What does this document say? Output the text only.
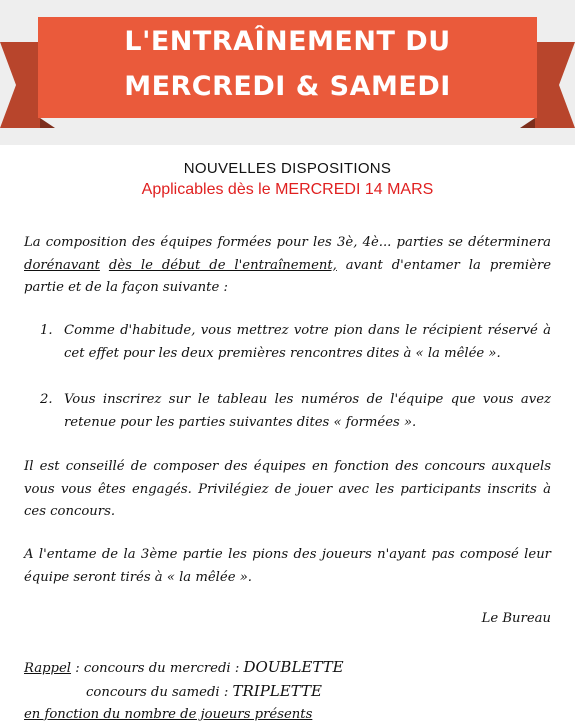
L'ENTRAÎNEMENT DU
MERCREDI & SAMEDI
NOUVELLES DISPOSITIONS
Applicables dès le MERCREDI 14 MARS

La composition des équipes formées pour les 3è, 4è... parties se déterminera dorénavant dès le début de l'entraînement, avant d'entamer la première partie et de la façon suivante :

1. Comme d'habitude, vous mettrez votre pion dans le récipient réservé à cet effet pour les deux premières rencontres dites à « la mêlée ».

2. Vous inscrirez sur le tableau les numéros de l'équipe que vous avez retenue pour les parties suivantes dites « formées ».

Il est conseillé de composer des équipes en fonction des concours auxquels vous vous êtes engagés. Privilégiez de jouer avec les participants inscrits à ces concours.

A l'entame de la 3ème partie les pions des joueurs n'ayant pas composé leur équipe seront tirés à « la mêlée ».

Le Bureau
Rappel : concours du mercredi : DOUBLETTE
concours du samedi : TRIPLETTE
en fonction du nombre de joueurs présents
